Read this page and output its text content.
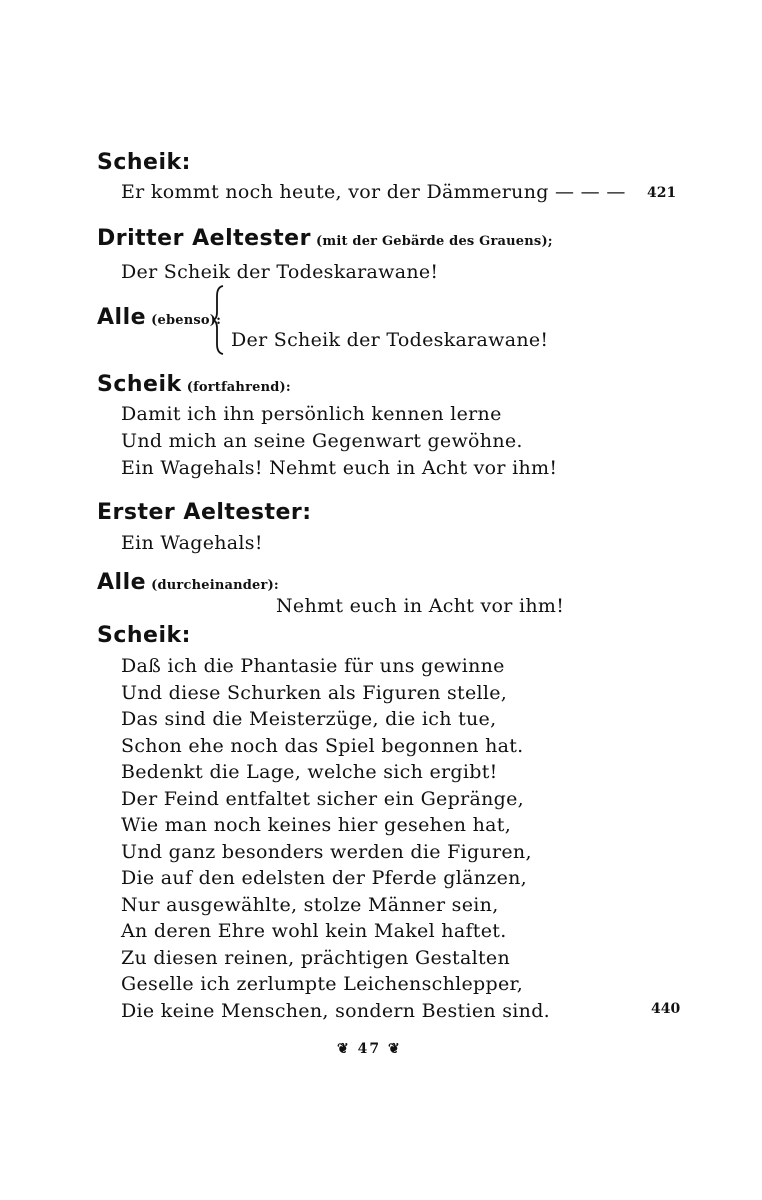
Scheik:
Er kommt noch heute, vor der Dämmerung — — — 421
Dritter Aeltester (mit der Gebärde des Grauens);
Der Scheik der Todeskarawane!
Alle (ebenso):
Der Scheik der Todeskarawane!
Scheik (fortfahrend):
Damit ich ihn persönlich kennen lerne
Und mich an seine Gegenwart gewöhne.
Ein Wagehals! Nehmt euch in Acht vor ihm!
Erster Aeltester:
Ein Wagehals!
Alle (durcheinander):
Nehmt euch in Acht vor ihm!
Scheik:
Daß ich die Phantasie für uns gewinne
Und diese Schurken als Figuren stelle,
Das sind die Meisterzüge, die ich tue,
Schon ehe noch das Spiel begonnen hat.
Bedenkt die Lage, welche sich ergibt!
Der Feind entfaltet sicher ein Gepränge,
Wie man noch keines hier gesehen hat,
Und ganz besonders werden die Figuren,
Die auf den edelsten der Pferde glänzen,
Nur ausgewählte, stolze Männer sein,
An deren Ehre wohl kein Makel haftet.
Zu diesen reinen, prächtigen Gestalten
Geselle ich zerlumpte Leichenschlepper,
Die keine Menschen, sondern Bestien sind.	440
❦ 47 ❦
